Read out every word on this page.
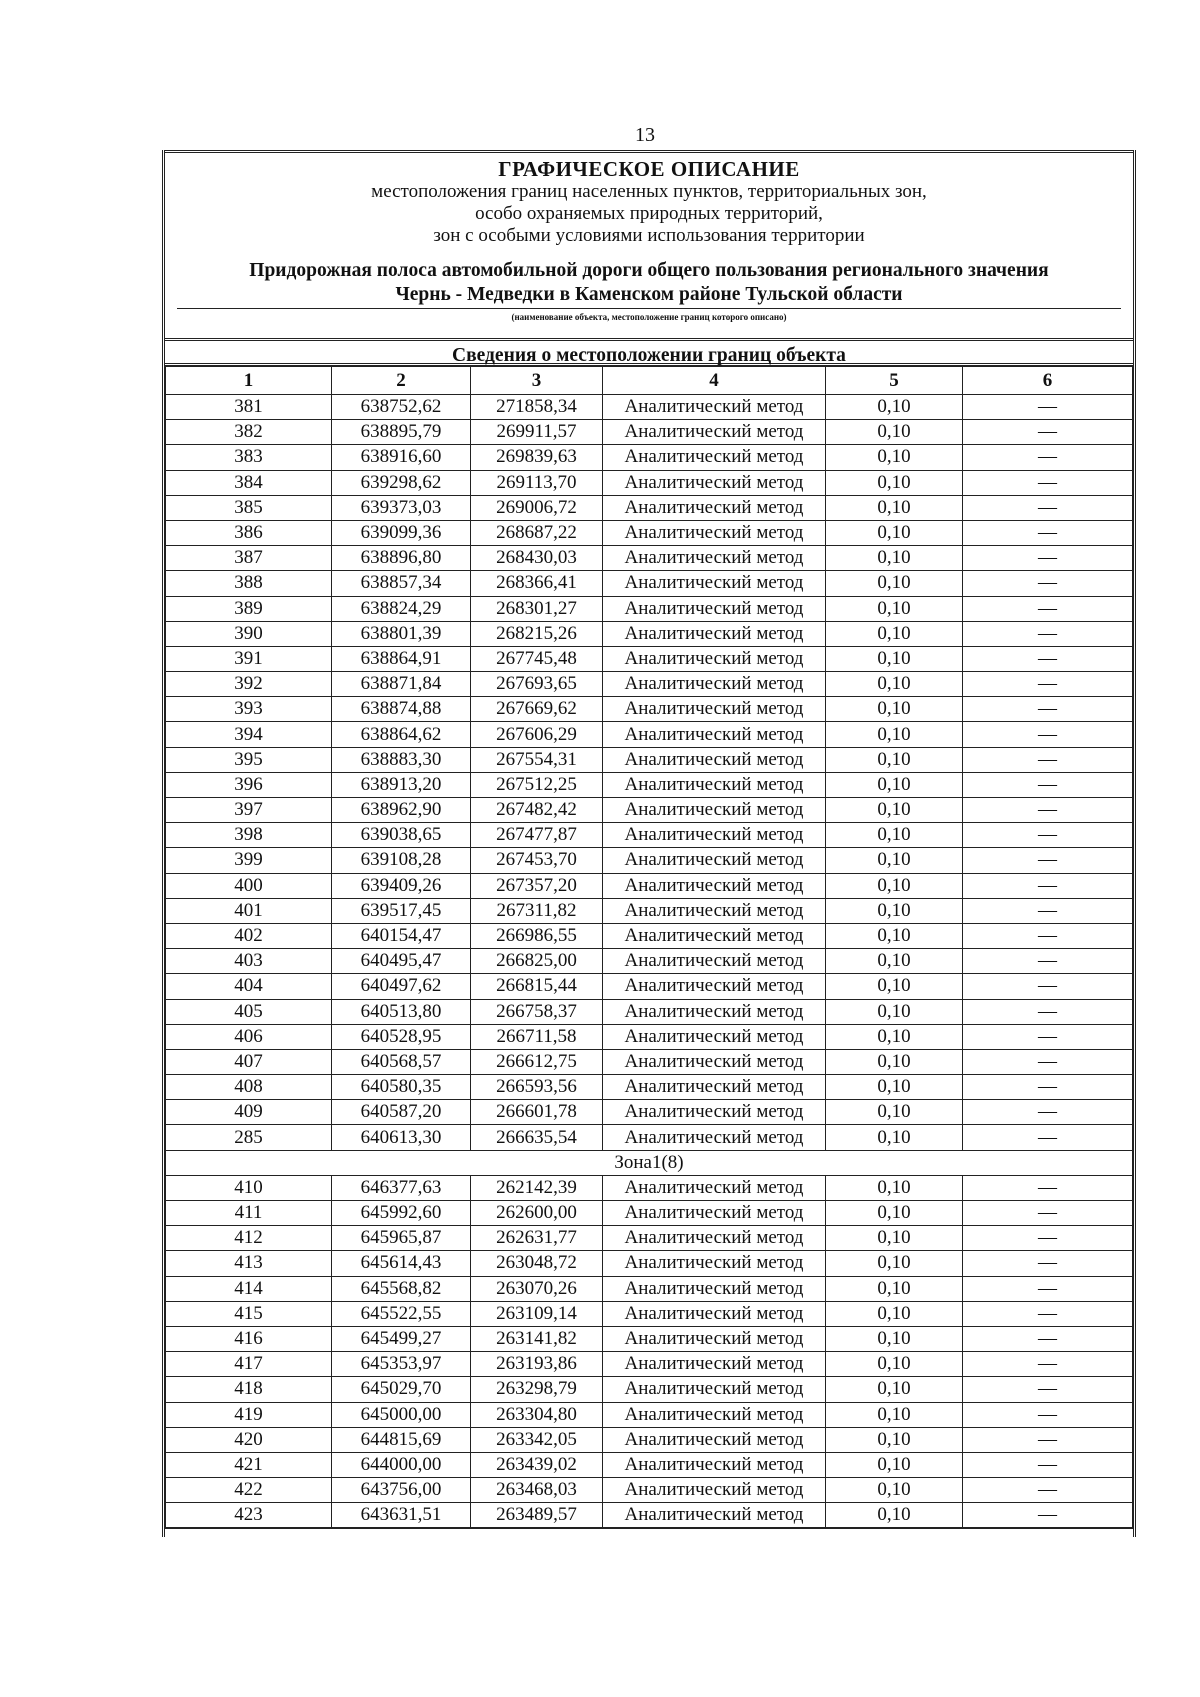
13
ГРАФИЧЕСКОЕ ОПИСАНИЕ
местоположения границ населенных пунктов, территориальных зон,
особо охраняемых природных территорий,
зон с особыми условиями использования территории
Придорожная полоса автомобильной дороги общего пользования регионального значения
Чернь - Медведки в Каменском районе Тульской области
(наименование объекта, местоположение границ которого описано)
Сведения о местоположении границ объекта
1	2	3	4	5	6
381	638752,62	271858,34	Аналитический метод	0,10	—
382	638895,79	269911,57	Аналитический метод	0,10	—
383	638916,60	269839,63	Аналитический метод	0,10	—
384	639298,62	269113,70	Аналитический метод	0,10	—
385	639373,03	269006,72	Аналитический метод	0,10	—
386	639099,36	268687,22	Аналитический метод	0,10	—
387	638896,80	268430,03	Аналитический метод	0,10	—
388	638857,34	268366,41	Аналитический метод	0,10	—
389	638824,29	268301,27	Аналитический метод	0,10	—
390	638801,39	268215,26	Аналитический метод	0,10	—
391	638864,91	267745,48	Аналитический метод	0,10	—
392	638871,84	267693,65	Аналитический метод	0,10	—
393	638874,88	267669,62	Аналитический метод	0,10	—
394	638864,62	267606,29	Аналитический метод	0,10	—
395	638883,30	267554,31	Аналитический метод	0,10	—
396	638913,20	267512,25	Аналитический метод	0,10	—
397	638962,90	267482,42	Аналитический метод	0,10	—
398	639038,65	267477,87	Аналитический метод	0,10	—
399	639108,28	267453,70	Аналитический метод	0,10	—
400	639409,26	267357,20	Аналитический метод	0,10	—
401	639517,45	267311,82	Аналитический метод	0,10	—
402	640154,47	266986,55	Аналитический метод	0,10	—
403	640495,47	266825,00	Аналитический метод	0,10	—
404	640497,62	266815,44	Аналитический метод	0,10	—
405	640513,80	266758,37	Аналитический метод	0,10	—
406	640528,95	266711,58	Аналитический метод	0,10	—
407	640568,57	266612,75	Аналитический метод	0,10	—
408	640580,35	266593,56	Аналитический метод	0,10	—
409	640587,20	266601,78	Аналитический метод	0,10	—
285	640613,30	266635,54	Аналитический метод	0,10	—
Зона1(8)					
410	646377,63	262142,39	Аналитический метод	0,10	—
411	645992,60	262600,00	Аналитический метод	0,10	—
412	645965,87	262631,77	Аналитический метод	0,10	—
413	645614,43	263048,72	Аналитический метод	0,10	—
414	645568,82	263070,26	Аналитический метод	0,10	—
415	645522,55	263109,14	Аналитический метод	0,10	—
416	645499,27	263141,82	Аналитический метод	0,10	—
417	645353,97	263193,86	Аналитический метод	0,10	—
418	645029,70	263298,79	Аналитический метод	0,10	—
419	645000,00	263304,80	Аналитический метод	0,10	—
420	644815,69	263342,05	Аналитический метод	0,10	—
421	644000,00	263439,02	Аналитический метод	0,10	—
422	643756,00	263468,03	Аналитический метод	0,10	—
423	643631,51	263489,57	Аналитический метод	0,10	—
